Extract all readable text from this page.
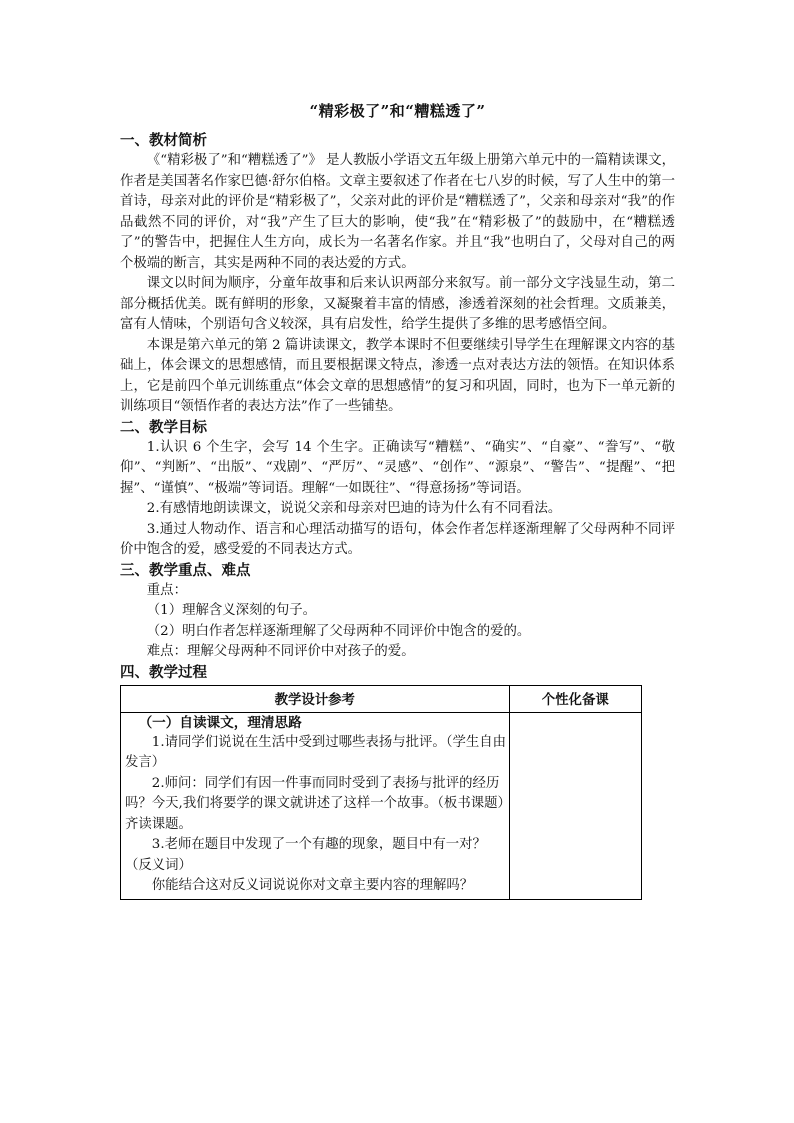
“精彩极了”和“糟糕透了”
一、教材简析

《“精彩极了”和“糟糕透了”》 是人教版小学语文五年级上册第六单元中的一篇精读课文，作者是美国著名作家巴德·舒尔伯格。文章主要叙述了作者在七八岁的时候，写了人生中的第一首诗，母亲对此的评价是“精彩极了”，父亲对此的评价是“糟糕透了”，父亲和母亲对“我”的作品截然不同的评价，对“我”产生了巨大的影响，使“我”在“精彩极了”的鼓励中，在“糟糕透了”的警告中，把握住人生方向，成长为一名著名作家。并且“我”也明白了，父母对自己的两个极端的断言，其实是两种不同的表达爱的方式。

课文以时间为顺序，分童年故事和后来认识两部分来叙写。前一部分文字浅显生动，第二部分概括优美。既有鲜明的形象，又凝聚着丰富的情感，渗透着深刻的社会哲理。文质兼美，富有人情味，个别语句含义较深，具有启发性，给学生提供了多维的思考感悟空间。

本课是第六单元的第 2 篇讲读课文，教学本课时不但要继续引导学生在理解课文内容的基础上，体会课文的思想感情，而且要根据课文特点，渗透一点对表达方法的领悟。在知识体系上，它是前四个单元训练重点“体会文章的思想感情”的复习和巩固，同时，也为下一单元新的训练项目“领悟作者的表达方法”作了一些铺垫。

二、教学目标

1.认识 6 个生字，会写 14 个生字。正确读写“糟糕”、“确实”、“自豪”、“誊写”、“敬仰”、“判断”、“出版”、“戏剧”、“严厉”、“灵感”、“创作”、“源泉”、“警告”、“提醒”、“把握”、“谨慎”、“极端”等词语。理解“一如既往”、“得意扬扬”等词语。

2.有感情地朗读课文，说说父亲和母亲对巴迪的诗为什么有不同看法。

3.通过人物动作、语言和心理活动描写的语句，体会作者怎样逐渐理解了父母两种不同评价中饱含的爱，感受爱的不同表达方式。

三、教学重点、难点

重点：

（1）理解含义深刻的句子。

（2）明白作者怎样逐渐理解了父母两种不同评价中饱含的爱的。

难点：理解父母两种不同评价中对孩子的爱。

四、教学过程
教学设计参考	个性化备课

（一）自读课文，理清思路

1.请同学们说说在生活中受到过哪些表扬与批评。（学生自由发言）

2.师问：同学们有因一件事而同时受到了表扬与批评的经历吗？今天,我们将要学的课文就讲述了这样一个故事。（板书课题）齐读课题。

3.老师在题目中发现了一个有趣的现象，题目中有一对？（反义词）

你能结合这对反义词说说你对文章主要内容的理解吗？	
